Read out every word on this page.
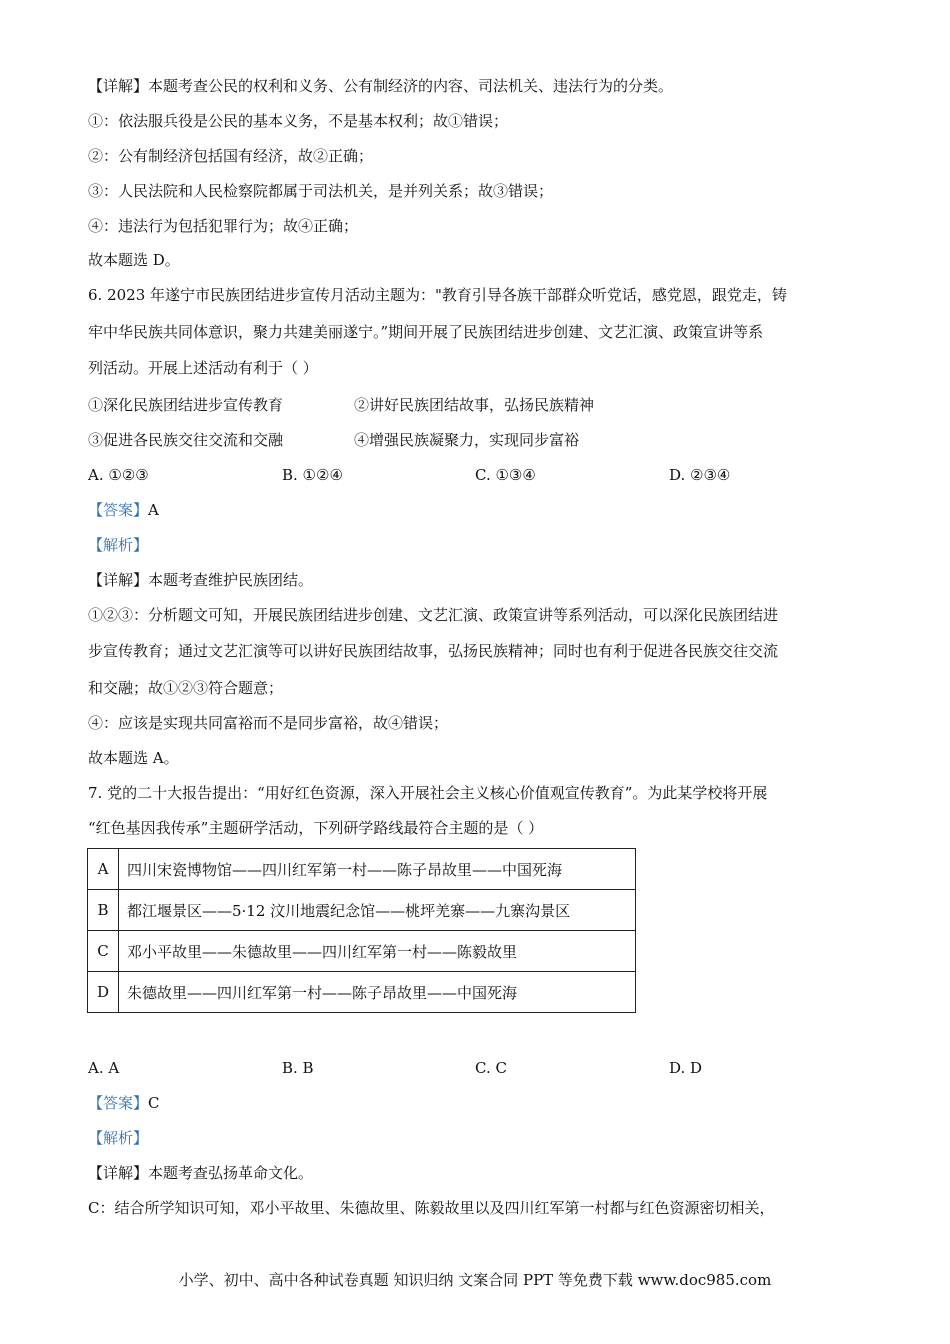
【详解】本题考查公民的权利和义务、公有制经济的内容、司法机关、违法行为的分类。
①：依法服兵役是公民的基本义务，不是基本权利；故①错误；
②：公有制经济包括国有经济，故②正确；
③：人民法院和人民检察院都属于司法机关，是并列关系；故③错误；
④：违法行为包括犯罪行为；故④正确；
故本题选 D。
6. 2023 年遂宁市民族团结进步宣传月活动主题为："教育引导各族干部群众听党话，感党恩，跟党走，铸
牢中华民族共同体意识，聚力共建美丽遂宁。”期间开展了民族团结进步创建、文艺汇演、政策宣讲等系
列活动。开展上述活动有利于（ ）
①深化民族团结进步宣传教育	②讲好民族团结故事，弘扬民族精神
③促进各民族交往交流和交融	④增强民族凝聚力，实现同步富裕
A. ①②③	B. ①②④	C. ①③④	D. ②③④
【答案】A
【解析】
【详解】本题考查维护民族团结。
①②③：分析题文可知，开展民族团结进步创建、文艺汇演、政策宣讲等系列活动，可以深化民族团结进
步宣传教育；通过文艺汇演等可以讲好民族团结故事，弘扬民族精神；同时也有利于促进各民族交往交流
和交融；故①②③符合题意；
④：应该是实现共同富裕而不是同步富裕，故④错误；
故本题选 A。
7. 党的二十大报告提出：“用好红色资源，深入开展社会主义核心价值观宣传教育”。为此某学校将开展
“红色基因我传承”主题研学活动，下列研学路线最符合主题的是（ ）
A	四川宋瓷博物馆——四川红军第一村——陈子昂故里——中国死海
B	都江堰景区——5·12 汶川地震纪念馆——桃坪羌寨——九寨沟景区
C	邓小平故里——朱德故里——四川红军第一村——陈毅故里
D	朱德故里——四川红军第一村——陈子昂故里——中国死海
A. A	B. B	C. C	D. D
【答案】C
【解析】
【详解】本题考查弘扬革命文化。
C：结合所学知识可知，邓小平故里、朱德故里、陈毅故里以及四川红军第一村都与红色资源密切相关，
小学、初中、高中各种试卷真题 知识归纳 文案合同 PPT 等免费下载 www.doc985.com
